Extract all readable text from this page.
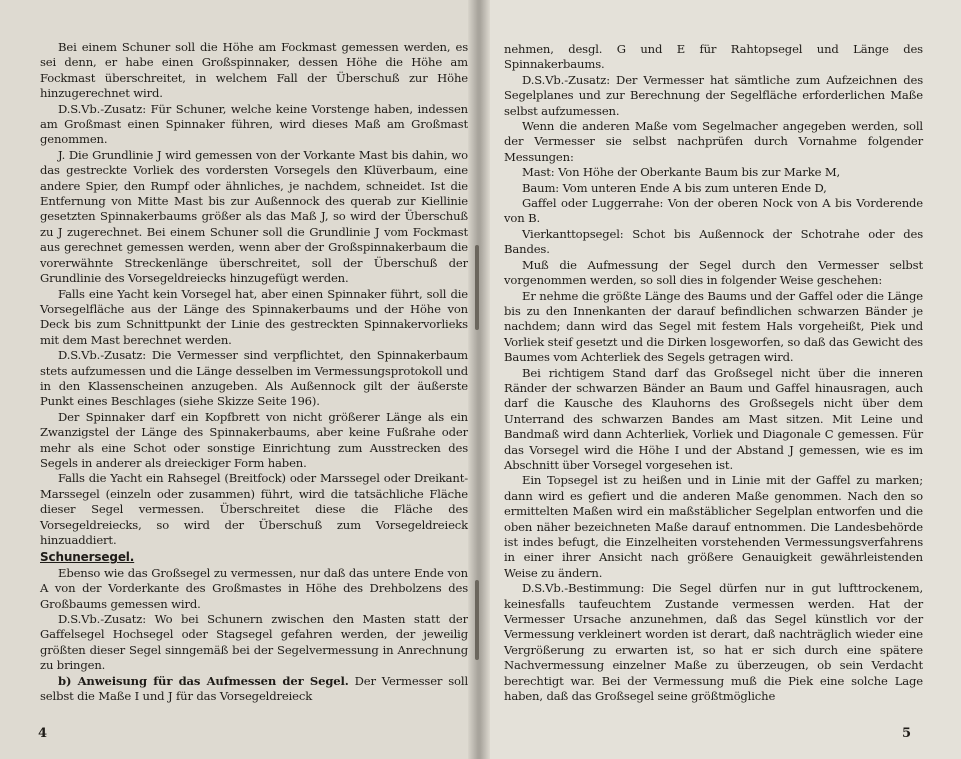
Bei einem Schuner soll die Höhe am Fockmast gemessen werden, es sei denn, er habe einen Großspinnaker, dessen Höhe die Höhe am Fockmast überschreitet, in welchem Fall der Überschuß zur Höhe hinzugerechnet wird.

D.S.Vb.-Zusatz: Für Schuner, welche keine Vorstenge haben, indessen am Großmast einen Spinnaker führen, wird dieses Maß am Großmast genommen.

J. Die Grundlinie J wird gemessen von der Vorkante Mast bis dahin, wo das gestreckte Vorliek des vordersten Vorsegels den Klüverbaum, eine andere Spier, den Rumpf oder ähnliches, je nachdem, schneidet. Ist die Entfernung von Mitte Mast bis zur Außennock des querab zur Kiellinie gesetzten Spinnakerbaums größer als das Maß J, so wird der Überschuß zu J zugerechnet. Bei einem Schuner soll die Grundlinie J vom Fockmast aus gerechnet gemessen werden, wenn aber der Großspinnakerbaum die vorerwähnte Streckenlänge überschreitet, soll der Überschuß der Grundlinie des Vorsegeldreiecks hinzugefügt werden.

Falls eine Yacht kein Vorsegel hat, aber einen Spinnaker führt, soll die Vorsegelfläche aus der Länge des Spinnakerbaums und der Höhe von Deck bis zum Schnittpunkt der Linie des gestreckten Spinnakervorlieks mit dem Mast berechnet werden.

D.S.Vb.-Zusatz: Die Vermesser sind verpflichtet, den Spinnakerbaum stets aufzumessen und die Länge desselben im Vermessungsprotokoll und in den Klassenscheinen anzugeben. Als Außennock gilt der äußerste Punkt eines Beschlages (siehe Skizze Seite 196).

Der Spinnaker darf ein Kopfbrett von nicht größerer Länge als ein Zwanzigstel der Länge des Spinnakerbaums, aber keine Fußrahe oder mehr als eine Schot oder sonstige Einrichtung zum Ausstrecken des Segels in anderer als dreieckiger Form haben.

Falls die Yacht ein Rahsegel (Breitfock) oder Marssegel oder Dreikant-Marssegel (einzeln oder zusammen) führt, wird die tatsächliche Fläche dieser Segel vermessen. Überschreitet diese die Fläche des Vorsegeldreiecks, so wird der Überschuß zum Vorsegeldreieck hinzuaddiert.

Schunersegel.

Ebenso wie das Großsegel zu vermessen, nur daß das untere Ende von A von der Vorderkante des Großmastes in Höhe des Drehbolzens des Großbaums gemessen wird.

D.S.Vb.-Zusatz: Wo bei Schunern zwischen den Masten statt der Gaffelsegel Hochsegel oder Stagsegel gefahren werden, der jeweilig größten dieser Segel sinngemäß bei der Segelvermessung in Anrechnung zu bringen.

b) Anweisung für das Aufmessen der Segel. Der Vermesser soll selbst die Maße I und J für das Vorsegeldreieck

4

nehmen, desgl. G und E für Rahtopsegel und Länge des Spinnakerbaums.

D.S.Vb.-Zusatz: Der Vermesser hat sämtliche zum Aufzeichnen des Segelplanes und zur Berechnung der Segelfläche erforderlichen Maße selbst aufzumessen.

Wenn die anderen Maße vom Segelmacher angegeben werden, soll der Vermesser sie selbst nachprüfen durch Vornahme folgender Messungen:

Mast: Von Höhe der Oberkante Baum bis zur Marke M,

Baum: Vom unteren Ende A bis zum unteren Ende D,

Gaffel oder Luggerrahe: Von der oberen Nock von A bis Vorderende von B.

Vierkanttopsegel: Schot bis Außennock der Schotrahe oder des Bandes.

Muß die Aufmessung der Segel durch den Vermesser selbst vorgenommen werden, so soll dies in folgender Weise geschehen:

Er nehme die größte Länge des Baums und der Gaffel oder die Länge bis zu den Innenkanten der darauf befindlichen schwarzen Bänder je nachdem; dann wird das Segel mit festem Hals vorgeheißt, Piek und Vorliek steif gesetzt und die Dirken losgeworfen, so daß das Gewicht des Baumes vom Achterliek des Segels getragen wird.

Bei richtigem Stand darf das Großsegel nicht über die inneren Ränder der schwarzen Bänder an Baum und Gaffel hinausragen, auch darf die Kausche des Klauhorns des Großsegels nicht über dem Unterrand des schwarzen Bandes am Mast sitzen. Mit Leine und Bandmaß wird dann Achterliek, Vorliek und Diagonale C gemessen. Für das Vorsegel wird die Höhe I und der Abstand J gemessen, wie es im Abschnitt über Vorsegel vorgesehen ist.

Ein Topsegel ist zu heißen und in Linie mit der Gaffel zu marken; dann wird es gefiert und die anderen Maße genommen. Nach den so ermittelten Maßen wird ein maßstäblicher Segelplan entworfen und die oben näher bezeichneten Maße darauf entnommen. Die Landesbehörde ist indes befugt, die Einzelheiten vorstehenden Vermessungsverfahrens in einer ihrer Ansicht nach größere Genauigkeit gewährleistenden Weise zu ändern.

D.S.Vb.-Bestimmung: Die Segel dürfen nur in gut lufttrockenem, keinesfalls taufeuchtem Zustande vermessen werden. Hat der Vermesser Ursache anzunehmen, daß das Segel künstlich vor der Vermessung verkleinert worden ist derart, daß nachträglich wieder eine Vergrößerung zu erwarten ist, so hat er sich durch eine spätere Nachvermessung einzelner Maße zu überzeugen, ob sein Verdacht berechtigt war. Bei der Vermessung muß die Piek eine solche Lage haben, daß das Großsegel seine größtmögliche

5
